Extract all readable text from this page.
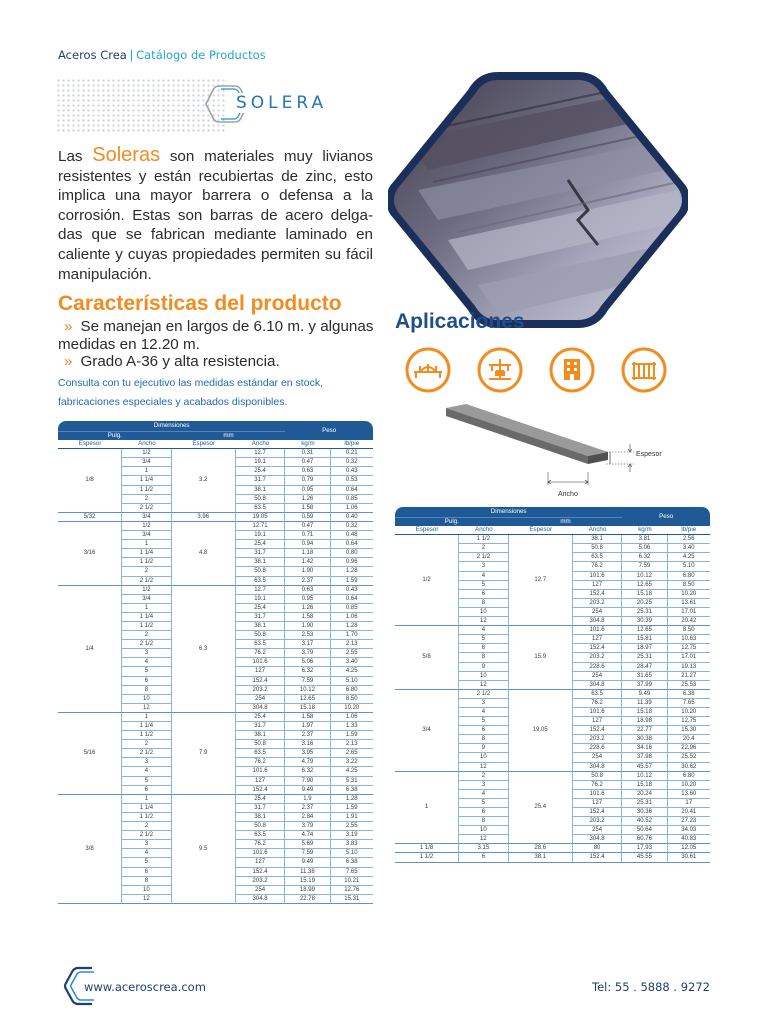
Aceros Crea | Catálogo de Productos
SOLERA

Las Soleras son materiales muy livianos resistentes y están recubiertas de zinc, esto implica una mayor barrera o defensa a la corrosión. Estas son barras de acero delga-das que se fabrican mediante laminado en caliente y cuyas propiedades permiten su fácil manipulación.

Características del producto
» Se manejan en largos de 6.10 m. y algunas medidas en 12.20 m.
» Grado A-36 y alta resistencia.

Consulta con tu ejecutivo las medidas estándar en stock, fabricaciones especiales y acabados disponibles.

Aplicaciones
Espesor
Ancho
Dimensiones				Peso	
Pulg.		mm			
Espesor	Ancho	Espesor	Ancho	kg/m	lb/pie
1/8	1/2	3.2	12.7	0.31	0.21
	3/4		19.1	0.47	0.32
	1		25.4	0.63	0.43
	1 1/4		31.7	0.79	0.53
	1 1/2		38.1	0.95	0.64
	2		50.8	1.26	0.85
	2 1/2		63.5	1.58	1.06
5/32	3/4	3.96	19.05	0.59	0.40
3/16	1/2	4.8	12.71	0.47	0.32
	3/4		19.1	0.71	0.48
	1		25.4	0.94	0.64
	1 1/4		31.7	1.18	0.80
	1 1/2		38.1	1.42	0.96
	2		50.8	1.90	1.28
	2 1/2		63.5	2.37	1.59
1/4	1/2	6.3	12.7	0.63	0.43
	3/4		19.1	0.95	0.64
	1		25.4	1.26	0.85
	1 1/4		31.7	1.58	1.06
	1 1/2		38.1	1.90	1.28
	2		50.8	2.53	1.70
	2 1/2		63.5	3.17	2.13
	3		76.2	3.79	2.55
	4		101.6	5.06	3.40
	5		127	6.32	4.25
	6		152.4	7.59	5.10
	8		203.2	10.12	6.80
	10		254	12.65	8.50
	12		304.8	15.18	10.20
5/16	1	7.9	25.4	1.58	1.06
	1 1/4		31.7	1.97	1.33
	1 1/2		38.1	2.37	1.59
	2		50.8	3.16	2.13
	2 1/2		63.5	3.95	2.65
	3		76.2	4.79	3.22
	4		101.6	6.32	4.25
	5		127	7.90	5.31
	6		152.4	9.49	6.38
3/8	1	9.5	25.4	1.9	1.28
	1 1/4		31.7	2.37	1.59
	1 1/2		38.1	2.84	1.91
	2		50.8	3.79	2.55
	2 1/2		63.5	4.74	3.19
	3		76.2	5.69	3.83
	4		101.6	7.59	5.10
	5		127	9.49	6.38
	6		152.4	11.38	7.65
	8		203.2	15.19	10.21
	10		254	18.99	12.76
	12		304.8	22.78	15.31
Dimensiones				Peso	
Pulg.		mm			
Espesor	Ancho	Espesor	Ancho	kg/m	lb/pie
1/2	1 1/2	12.7	38.1	3.81	2.56
	2		50.8	5.06	3.40
	2 1/2		63.5	6.32	4.25
	3		76.2	7.59	5.10
	4		101.6	10.12	6.80
	5		127	12.65	8.50
	6		152.4	15.18	10.20
	8		203.2	20.25	13.61
	10		254	25.31	17.01
	12		304.8	30.39	20.42
5/8	4	15.9	101.6	12.65	8.50
	5		127	15.81	10.63
	6		152.4	18.97	12.75
	8		203.2	25.31	17.01
	9		228.6	28.47	19.13
	10		254	31.65	21.27
	12		304.8	37.99	25.53
3/4	2 1/2	19.05	63.5	9.49	6.38
	3		76.2	11.39	7.65
	4		101.6	15.18	10.20
	5		127	18.98	12.75
	6		152.4	22.77	15.30
	8		203.2	30.38	20.4
	9		228.6	34.16	22.96
	10		254	37.98	25.52
	12		304.8	45.57	30.62
1	2	25.4	50.8	10.12	6.80
	3		76.2	15.18	10.20
	4		101.6	20.24	13.60
	5		127	25.31	17
	6		152.4	30.36	20.41
	8		203.2	40.52	27.23
	10		254	50.64	34.03
	12		304.8	60.76	40.83
1 1/8	3.15	28.6	80	17.93	12.05
1 1/2	6	38.1	152.4	45.55	30.61
www.aceroscrea.com	Tel: 55 . 5888 . 9272
